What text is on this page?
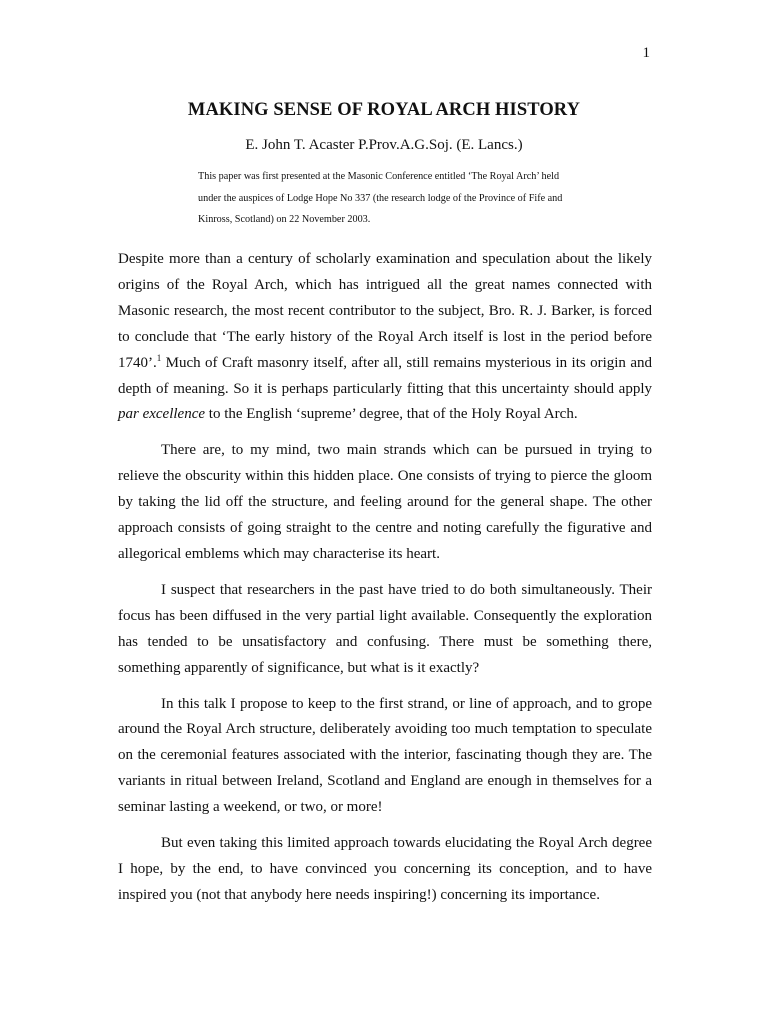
1
MAKING SENSE OF ROYAL ARCH HISTORY
E. John T. Acaster P.Prov.A.G.Soj. (E. Lancs.)
This paper was first presented at the Masonic Conference entitled ‘The Royal Arch’ held
under the auspices of Lodge Hope No 337 (the research lodge of the Province of Fife and
Kinross, Scotland) on 22 November 2003.

Despite more than a century of scholarly examination and speculation about the likely origins of the Royal Arch, which has intrigued all the great names connected with Masonic research, the most recent contributor to the subject, Bro. R. J. Barker, is forced to conclude that ‘The early history of the Royal Arch itself is lost in the period before 1740’.$^1$ Much of Craft masonry itself, after all, still remains mysterious in its origin and depth of meaning. So it is perhaps particularly fitting that this uncertainty should apply par excellence to the English ‘supreme’ degree, that of the Holy Royal Arch.

There are, to my mind, two main strands which can be pursued in trying to relieve the obscurity within this hidden place. One consists of trying to pierce the gloom by taking the lid off the structure, and feeling around for the general shape. The other approach consists of going straight to the centre and noting carefully the figurative and allegorical emblems which may characterise its heart.

I suspect that researchers in the past have tried to do both simultaneously. Their focus has been diffused in the very partial light available. Consequently the exploration has tended to be unsatisfactory and confusing. There must be something there, something apparently of significance, but what is it exactly?

In this talk I propose to keep to the first strand, or line of approach, and to grope around the Royal Arch structure, deliberately avoiding too much temptation to speculate on the ceremonial features associated with the interior, fascinating though they are. The variants in ritual between Ireland, Scotland and England are enough in themselves for a seminar lasting a weekend, or two, or more!

But even taking this limited approach towards elucidating the Royal Arch degree I hope, by the end, to have convinced you concerning its conception, and to have inspired you (not that anybody here needs inspiring!) concerning its importance.
